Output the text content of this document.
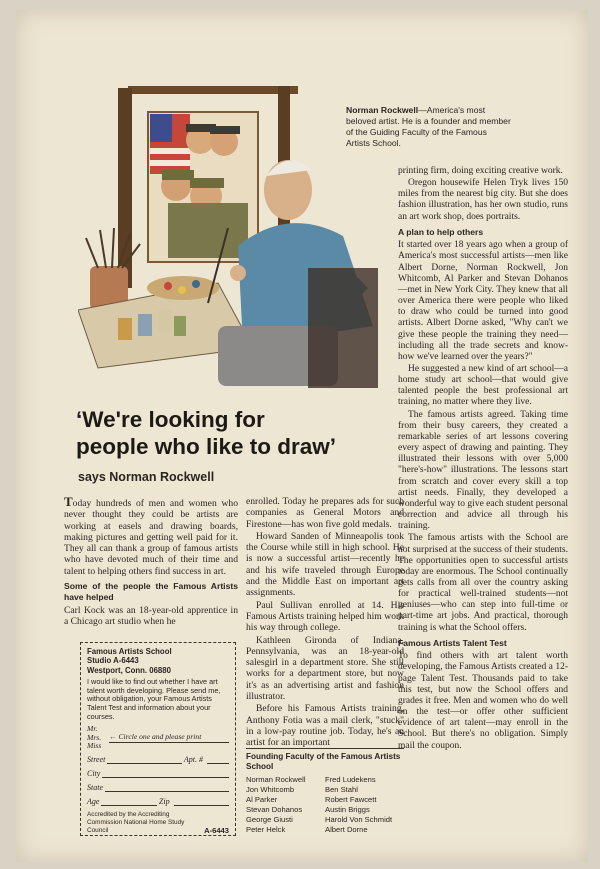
Norman Rockwell—America's most beloved artist. He is a founder and member of the Guiding Faculty of the Famous Artists School.
‘We're looking for
people who like to draw’
says Norman Rockwell

Today hundreds of men and women who never thought they could be artists are working at easels and drawing boards, making pictures and getting well paid for it. They all can thank a group of famous artists who have devoted much of their time and talent to helping others find success in art.

Some of the people the Famous Artists have helped

Carl Kock was an 18-year-old apprentice in a Chicago art studio when he

Famous Artists School
Studio A-6443
Westport, Conn. 06880
I would like to find out whether I have art talent worth developing. Please send me, without obligation, your Famous Artists Talent Test and information about your courses.
Mr.
Mrs.
Miss
← Circle one and please print
Street	Apt. #
City
State
Age	Zip
Accredited by the Accrediting Commission National Home Study Council	A-6443

enrolled. Today he prepares ads for such companies as General Motors and Firestone—has won five gold medals.

Howard Sanden of Minneapolis took the Course while still in high school. He is now a successful artist—recently he and his wife traveled through Europe and the Middle East on important art assignments.

Paul Sullivan enrolled at 14. His Famous Artists training helped him work his way through college.

Kathleen Gironda of Indiana, Pennsylvania, was an 18-year-old salesgirl in a department store. She still works for a department store, but now it's as an advertising artist and fashion illustrator.

Before his Famous Artists training, Anthony Fotia was a mail clerk, "stuck" in a low-pay routine job. Today, he's an artist for an important

Founding Faculty of the Famous Artists School
Norman Rockwell	Fred Ludekens
Jon Whitcomb	Ben Stahl
Al Parker	Robert Fawcett
Stevan Dohanos	Austin Briggs
George Giusti	Harold Von Schmidt
Peter Helck	Albert Dorne

printing firm, doing exciting creative work.

Oregon housewife Helen Tryk lives 150 miles from the nearest big city. But she does fashion illustration, has her own studio, runs an art work shop, does portraits.

A plan to help others

It started over 18 years ago when a group of America's most successful artists—men like Albert Dorne, Norman Rockwell, Jon Whitcomb, Al Parker and Stevan Dohanos—met in New York City. They knew that all over America there were people who liked to draw who could be turned into good artists. Albert Dorne asked, "Why can't we give these people the training they need—including all the trade secrets and know-how we've learned over the years?"

He suggested a new kind of art school—a home study art school—that would give talented people the best professional art training, no matter where they live.

The famous artists agreed. Taking time from their busy careers, they created a remarkable series of art lessons covering every aspect of drawing and painting. They illustrated their lessons with over 5,000 "here's-how" illustrations. The lessons start from scratch and cover every skill a top artist needs. Finally, they developed a wonderful way to give each student personal correction and advice all through his training.

The famous artists with the School are not surprised at the success of their students. The opportunities open to successful artists today are enormous. The School continually gets calls from all over the country asking for practical well-trained students—not geniuses—who can step into full-time or part-time art jobs. And practical, thorough training is what the School offers.

Famous Artists Talent Test

To find others with art talent worth developing, the Famous Artists created a 12-page Talent Test. Thousands paid to take this test, but now the School offers and grades it free. Men and women who do well on the test—or offer other sufficient evidence of art talent—may enroll in the School. But there's no obligation. Simply mail the coupon.
